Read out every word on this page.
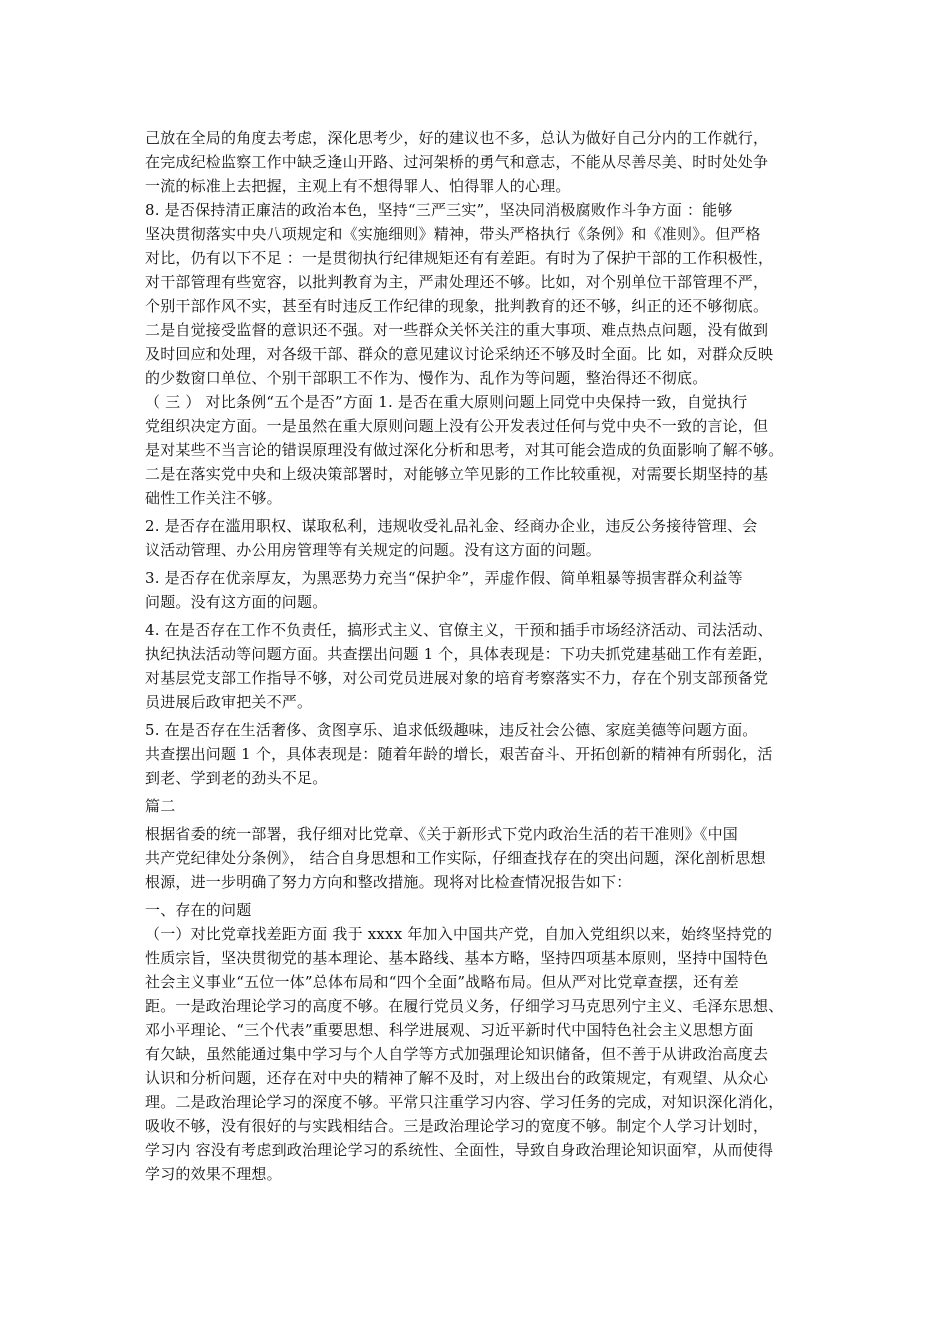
己放在全局的角度去考虑，深化思考少，好的建议也不多，总认为做好自己分内的工作就行，
在完成纪检监察工作中缺乏逢山开路、过河架桥的勇气和意志，不能从尽善尽美、时时处处争
一流的标准上去把握，主观上有不想得罪人、怕得罪人的心理。
8. 是否保持清正廉洁的政治本色，坚持“三严三实”，坚决同消极腐败作斗争方面 ：能够
坚决贯彻落实中央八项规定和《实施细则》精神，带头严格执行《条例》和《准则》。但严格
对比，仍有以下不足 ：一是贯彻执行纪律规矩还有有差距。有时为了保护干部的工作积极性，
对干部管理有些宽容，以批判教育为主，严肃处理还不够。比如，对个别单位干部管理不严，
个别干部作风不实，甚至有时违反工作纪律的现象，批判教育的还不够，纠正的还不够彻底。
二是自觉接受监督的意识还不强。对一些群众关怀关注的重大事项、难点热点问题，没有做到
及时回应和处理，对各级干部、群众的意见建议讨论采纳还不够及时全面。比 如，对群众反映
的少数窗口单位、个别干部职工不作为、慢作为、乱作为等问题，整治得还不彻底。
（ 三 ） 对比条例“五个是否”方面 1. 是否在重大原则问题上同党中央保持一致，自觉执行
党组织决定方面。一是虽然在重大原则问题上没有公开发表过任何与党中央不一致的言论，但
是对某些不当言论的错误原理没有做过深化分析和思考，对其可能会造成的负面影响了解不够。
二是在落实党中央和上级决策部署时，对能够立竿见影的工作比较重视，对需要长期坚持的基
础性工作关注不够。
2. 是否存在滥用职权、谋取私利，违规收受礼品礼金、经商办企业，违反公务接待管理、会
议活动管理、办公用房管理等有关规定的问题。没有这方面的问题。
3. 是否存在优亲厚友，为黑恶势力充当“保护伞”，弄虚作假、简单粗暴等损害群众利益等
问题。没有这方面的问题。
4. 在是否存在工作不负责任，搞形式主义、官僚主义，干预和插手市场经济活动、司法活动、
执纪执法活动等问题方面。共查摆出问题 1 个，具体表现是：下功夫抓党建基础工作有差距，
对基层党支部工作指导不够，对公司党员进展对象的培育考察落实不力，存在个别支部预备党
员进展后政审把关不严。
5. 在是否存在生活奢侈、贪图享乐、追求低级趣味，违反社会公德、家庭美德等问题方面。
共查摆出问题 1 个，具体表现是：随着年龄的增长，艰苦奋斗、开拓创新的精神有所弱化，活
到老、学到老的劲头不足。
篇二
根据省委的统一部署，我仔细对比党章、《关于新形式下党内政治生活的若干准则》《中国
共产党纪律处分条例》， 结合自身思想和工作实际，仔细查找存在的突出问题，深化剖析思想
根源，进一步明确了努力方向和整改措施。现将对比检查情况报告如下：
一、存在的问题
（一）对比党章找差距方面 我于 xxxx 年加入中国共产党，自加入党组织以来，始终坚持党的
性质宗旨，坚决贯彻党的基本理论、基本路线、基本方略，坚持四项基本原则，坚持中国特色
社会主义事业“五位一体”总体布局和“四个全面”战略布局。但从严对比党章查摆，还有差
距。一是政治理论学习的高度不够。在履行党员义务，仔细学习马克思列宁主义、毛泽东思想、
邓小平理论、“三个代表”重要思想、科学进展观、习近平新时代中国特色社会主义思想方面
有欠缺，虽然能通过集中学习与个人自学等方式加强理论知识储备，但不善于从讲政治高度去
认识和分析问题，还存在对中央的精神了解不及时，对上级出台的政策规定，有观望、从众心
理。二是政治理论学习的深度不够。平常只注重学习内容、学习任务的完成，对知识深化消化，
吸收不够，没有很好的与实践相结合。三是政治理论学习的宽度不够。制定个人学习计划时，
学习内 容没有考虑到政治理论学习的系统性、全面性，导致自身政治理论知识面窄，从而使得
学习的效果不理想。
